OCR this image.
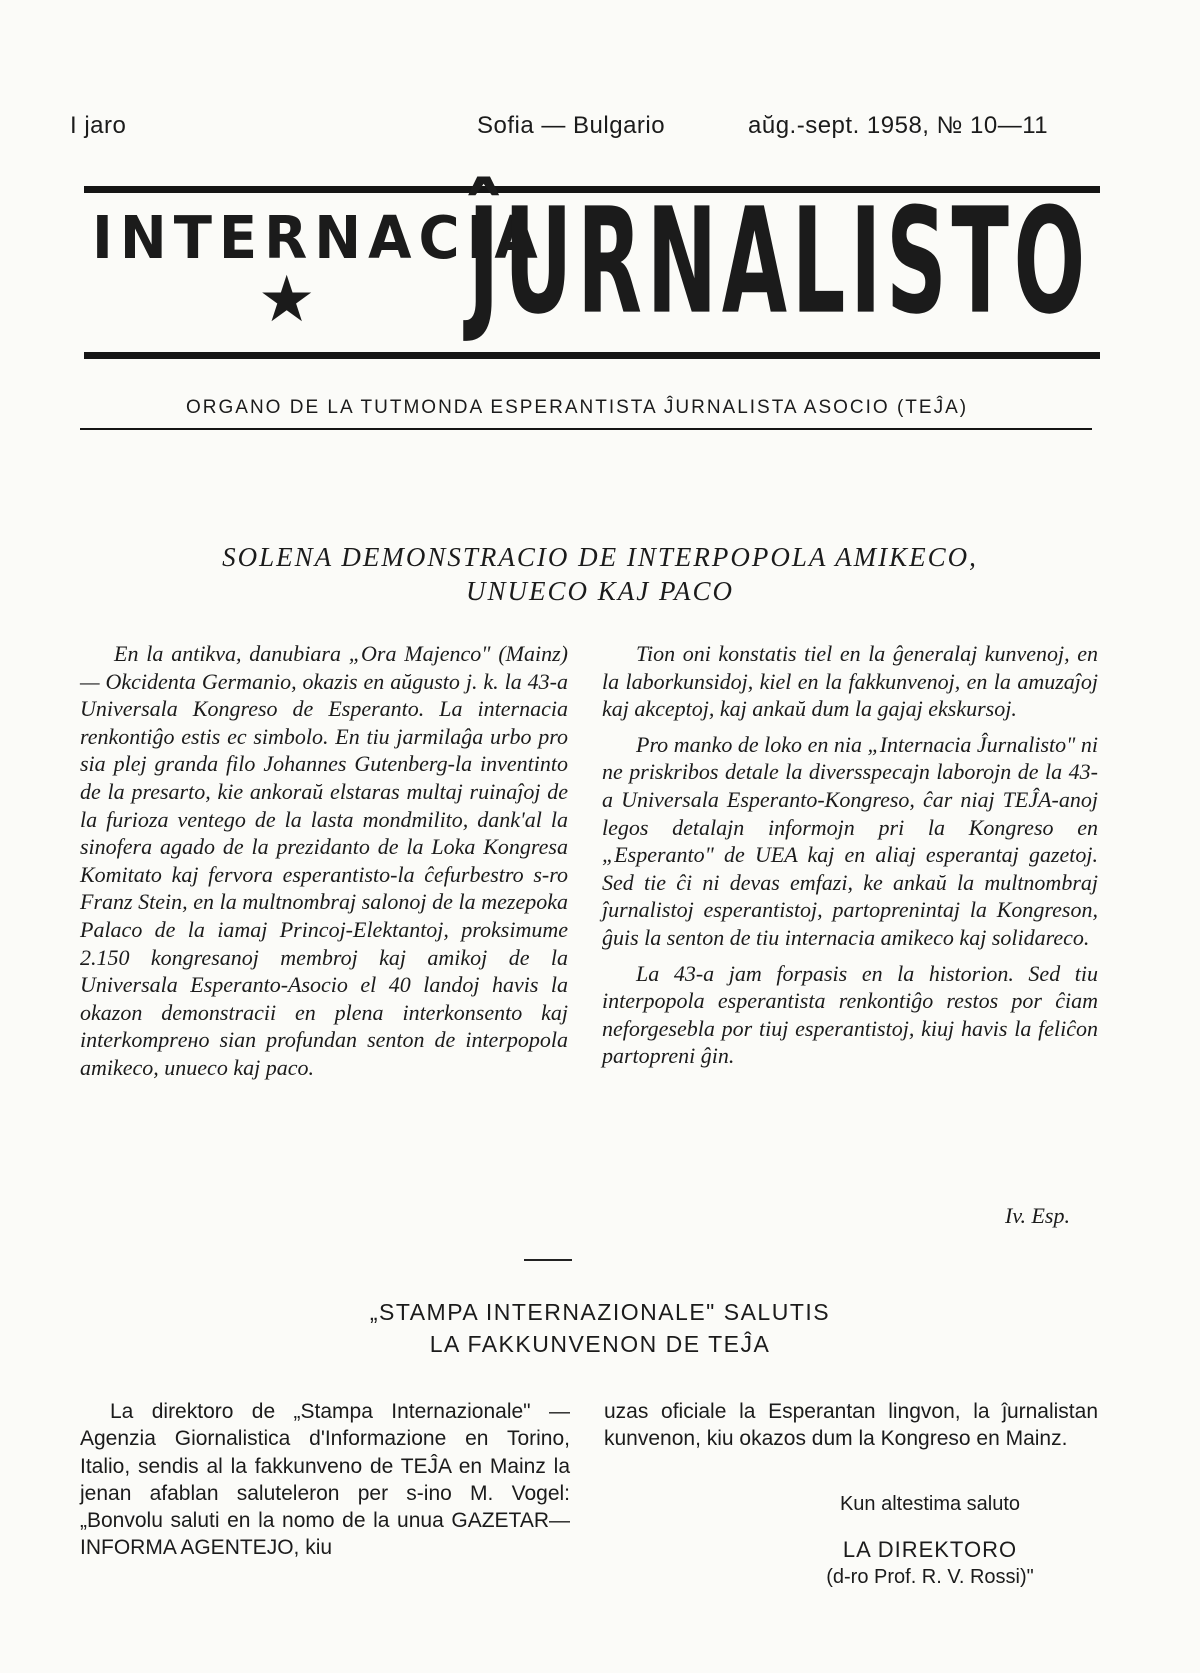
I jaro	Sofia — Bulgario	aŭg.-sept. 1958, № 10—11
INTERNACIA
★ ĴURNALISTO
ORGANO DE LA TUTMONDA ESPERANTISTA ĴURNALISTA ASOCIO (TEĴA)
SOLENA DEMONSTRACIO DE INTERPOPOLA AMIKECO,
UNUECO KAJ PACO

En la antikva, danubiara „Ora Majenco" (Mainz) — Okcidenta Germanio, okazis en aŭgusto j. k. la 43-a Universala Kongreso de Esperanto. La internacia renkontiĝo estis ec simbolo. En tiu jarmilaĝa urbo pro sia plej granda filo Johannes Gutenberg-la inventinto de la presarto, kie ankoraŭ elstaras multaj ruinaĵoj de la furioza ventego de la lasta mondmilito, dank'al la sinofera agado de la prezidanto de la Loka Kongresa Komitato kaj fervora esperantisto-la ĉefurbestro s-ro Franz Stein, en la multnombraj salonoj de la mezepoka Palaco de la iamaj Princoj-Elektantoj, proksimume 2.150 kongresanoj membroj kaj amikoj de la Universala Esperanto-Asocio el 40 landoj havis la okazon demonstracii en plena interkonsento kaj interkomprено sian profundan senton de interpopola amikeco, unueco kaj paco.

Tion oni konstatis tiel en la ĝeneralaj kunvenoj, en la laborkunsidoj, kiel en la fakkunvenoj, en la amuzaĵoj kaj akceptoj, kaj ankaŭ dum la gajaj ekskursoj.

Pro manko de loko en nia „Internacia Ĵurnalisto" ni ne priskribos detale la diversspecajn laborojn de la 43-a Universala Esperanto-Kongreso, ĉar niaj TEĴA-anoj legos detalajn informojn pri la Kongreso en „Esperanto" de UEA kaj en aliaj esperantaj gazetoj. Sed tie ĉi ni devas emfazi, ke ankaŭ la multnombraj ĵurnalistoj esperantistoj, partoprenintaj la Kongreson, ĝuis la senton de tiu internacia amikeco kaj solidareco.

La 43-a jam forpasis en la historion. Sed tiu interpopola esperantista renkontiĝo restos por ĉiam neforgesebla por tiuj esperantistoj, kiuj havis la feliĉon partopreni ĝin.

Iv. Esp.
„STAMPA INTERNAZIONALE" SALUTIS
LA FAKKUNVENON DE TEĴA

La direktoro de „Stampa Internazionale" — Agenzia Giornalistica d'Informazione en Torino, Italio, sendis al la fakkunveno de TEĴA en Mainz la jenan afablan saluteleron per s-ino M. Vogel: „Bonvolu saluti en la nomo de la unua GAZETAR—INFORMA AGENTEJO, kiu

uzas oficiale la Esperantan lingvon, la ĵurnalistan kunvenon, kiu okazos dum la Kongreso en Mainz.

Kun altestima saluto
LA DIREKTORO
(d-ro Prof. R. V. Rossi)"
